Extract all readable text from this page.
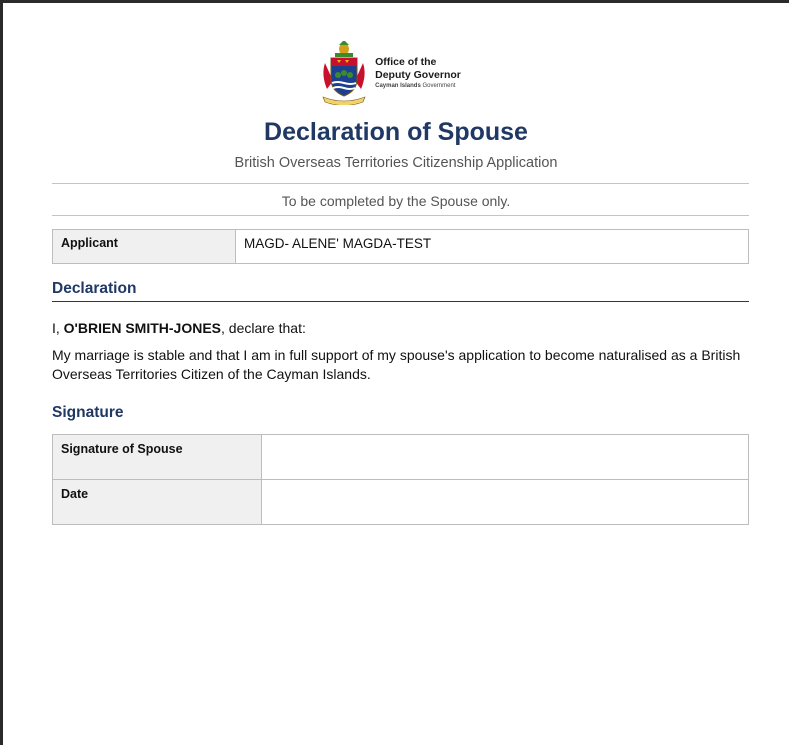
Office of the
Deputy Governor
Cayman Islands Government
Declaration of Spouse
British Overseas Territories Citizenship Application
To be completed by the Spouse only.
Applicant	MAGD- ALENE' MAGDA-TEST
Declaration
I, O'BRIEN SMITH-JONES, declare that:
My marriage is stable and that I am in full support of my spouse's application to become naturalised as a British Overseas Territories Citizen of the Cayman Islands.
Signature
Signature of Spouse	
Date	
